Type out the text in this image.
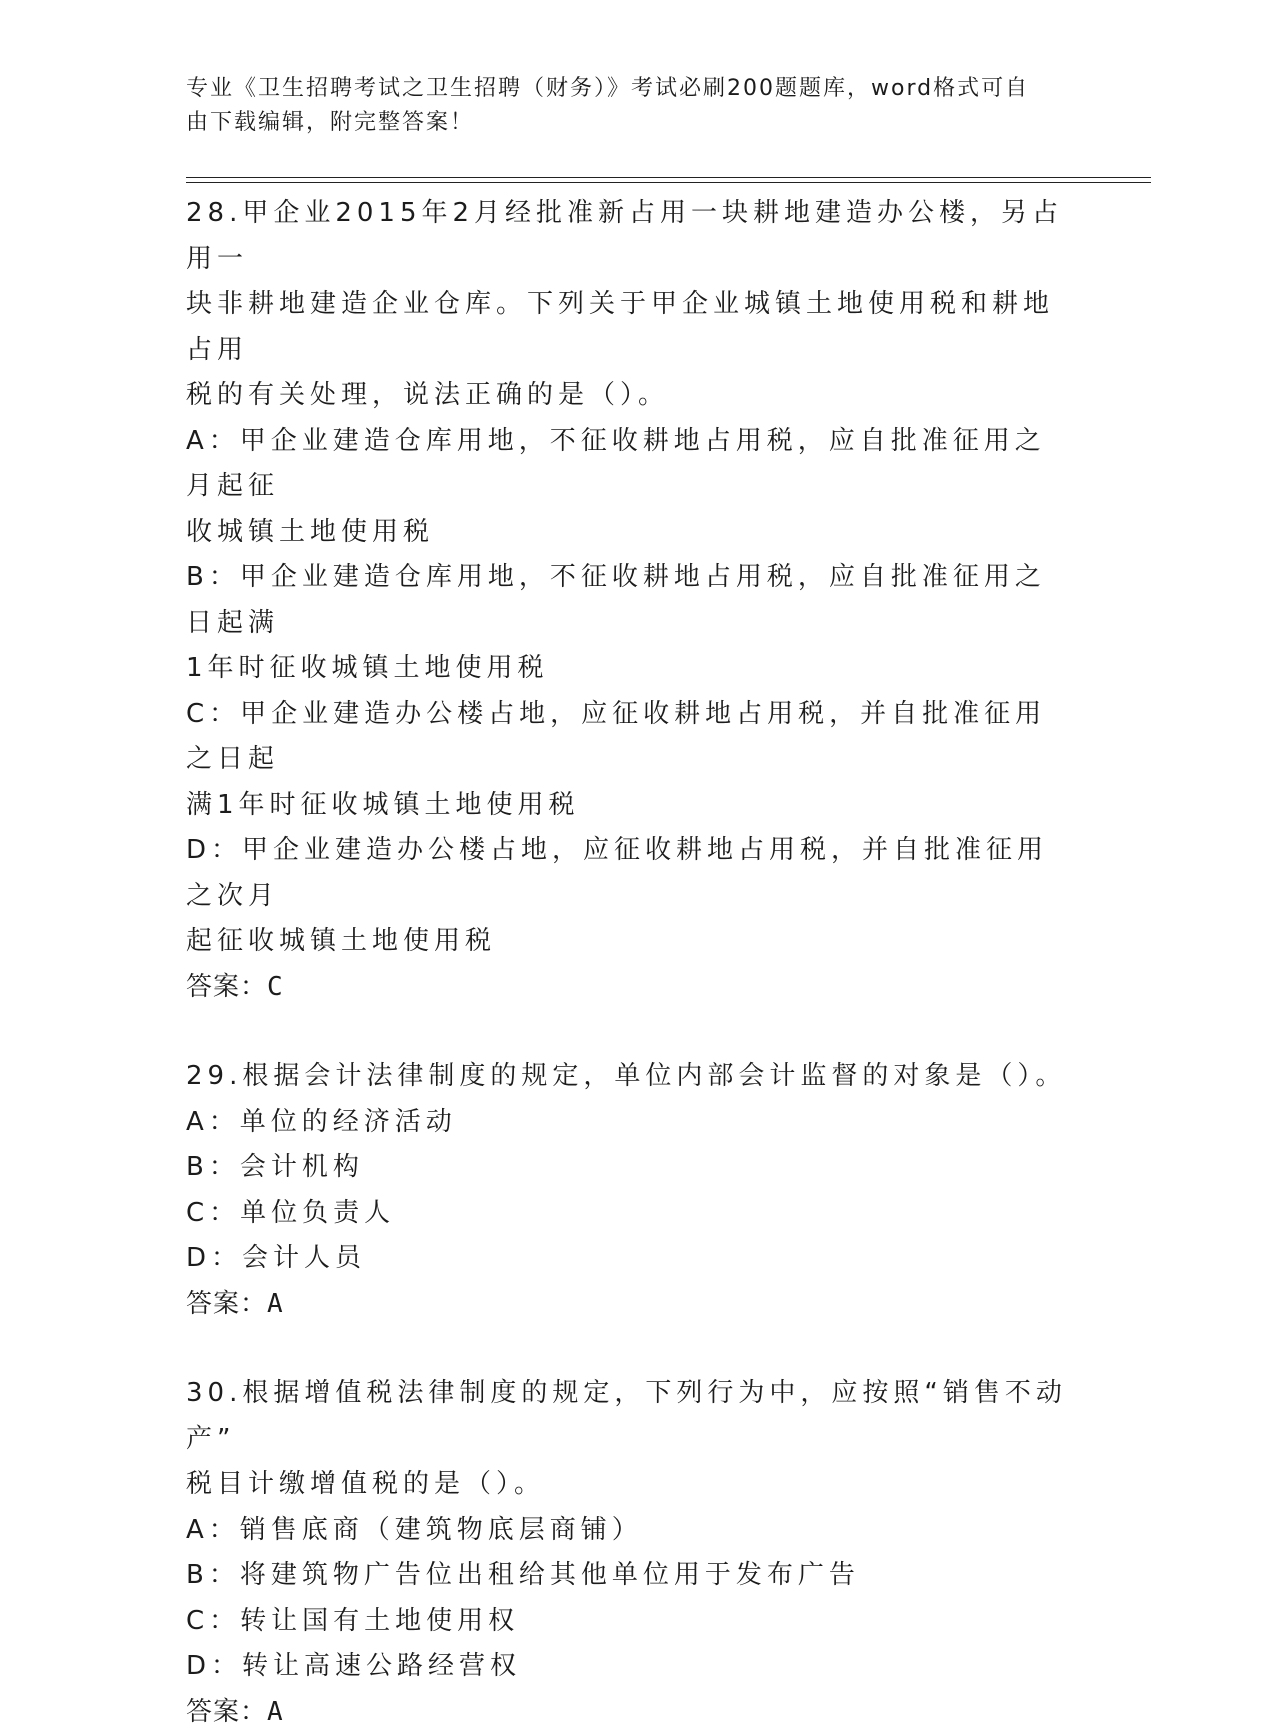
专业《卫生招聘考试之卫生招聘（财务）》考试必刷200题题库，word格式可自
由下载编辑，附完整答案！

28.甲企业2015年2月经批准新占用一块耕地建造办公楼，另占用一

块非耕地建造企业仓库。下列关于甲企业城镇土地使用税和耕地占用

税的有关处理，说法正确的是（）。

A：甲企业建造仓库用地，不征收耕地占用税，应自批准征用之月起征

收城镇土地使用税

B：甲企业建造仓库用地，不征收耕地占用税，应自批准征用之日起满

1年时征收城镇土地使用税

C：甲企业建造办公楼占地，应征收耕地占用税，并自批准征用之日起

满1年时征收城镇土地使用税

D：甲企业建造办公楼占地，应征收耕地占用税，并自批准征用之次月

起征收城镇土地使用税

答案：C

29.根据会计法律制度的规定，单位内部会计监督的对象是（）。

A：单位的经济活动

B：会计机构

C：单位负责人

D：会计人员

答案：A

30.根据增值税法律制度的规定，下列行为中，应按照“销售不动产”

税目计缴增值税的是（）。

A：销售底商（建筑物底层商铺）

B：将建筑物广告位出租给其他单位用于发布广告

C：转让国有土地使用权

D：转让高速公路经营权

答案：A
